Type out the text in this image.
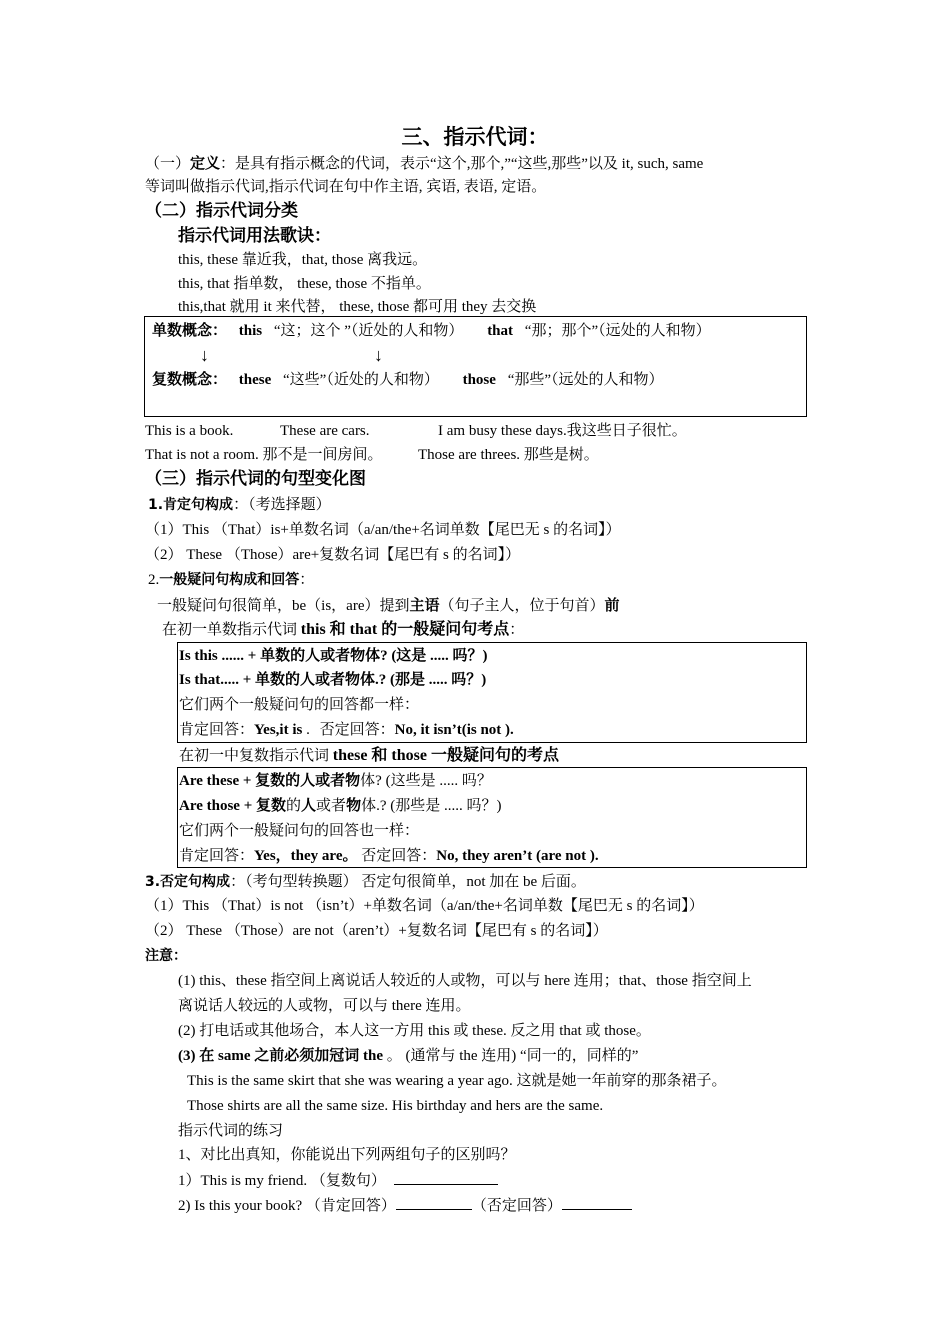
三、指示代词：
（一）定义：是具有指示概念的代词，表示“这个,那个,”“这些,那些”以及 it, such, same
等词叫做指示代词,指示代词在句中作主语, 宾语, 表语, 定语。
（二）指示代词分类
指示代词用法歌诀：
this, these 靠近我，that, those 离我远。
this, that 指单数， these, those 不指单。
this,that 就用 it 来代替， these, those 都可用 they 去交换
单数概念： this “这；这个 ”（近处的人和物） that “那；那个”（远处的人和物）
↓	↓
复数概念： these “这些”（近处的人和物） those “那些”（远处的人和物）
This is a book.	These are cars.	I am busy these days.我这些日子很忙。
That is not a room. 那不是一间房间。 Those are threes. 那些是树。
（三）指示代词的句型变化图
1.肯定句构成：（考选择题）
（1）This （That）is+单数名词（a/an/the+名词单数【尾巴无 s 的名词】）
（2） These （Those）are+复数名词【尾巴有 s 的名词】）
2.一般疑问句构成和回答：
一般疑问句很简单，be（is，are）提到主语（句子主人，位于句首）前
在初一单数指示代词 this 和 that 的一般疑问句考点：
Is this ...... + 单数的人或者物体? (这是 ..... 吗？)
Is that..... + 单数的人或者物体.? (那是 ..... 吗？)
它们两个一般疑问句的回答都一样：
肯定回答：Yes,it is . 否定回答：No, it isn’t(is not ).
在初一中复数指示代词 these 和 those 一般疑问句的考点
Are these + 复数的人或者物体? (这些是 ..... 吗？
Are those + 复数的人或者物体.? (那些是 ..... 吗？)
它们两个一般疑问句的回答也一样：
肯定回答：Yes，they are。 否定回答：No, they aren’t (are not ).
3.否定句构成：（考句型转换题） 否定句很简单，not 加在 be 后面。
（1）This （That）is not （isn’t）+单数名词（a/an/the+名词单数【尾巴无 s 的名词】）
（2） These （Those）are not（aren’t）+复数名词【尾巴有 s 的名词】）
注意：
(1) this、these 指空间上离说话人较近的人或物，可以与 here 连用；that、those 指空间上
离说话人较远的人或物，可以与 there 连用。
(2) 打电话或其他场合，本人这一方用 this 或 these. 反之用 that 或 those。
(3) 在 same 之前必须加冠词 the 。 (通常与 the 连用) “同一的，同样的”
This is the same skirt that she was wearing a year ago. 这就是她一年前穿的那条裙子。
Those shirts are all the same size. His birthday and hers are the same.
指示代词的练习
1、对比出真知，你能说出下列两组句子的区别吗？
1）This is my friend. （复数句）
2) Is this your book? （肯定回答）	（否定回答）
